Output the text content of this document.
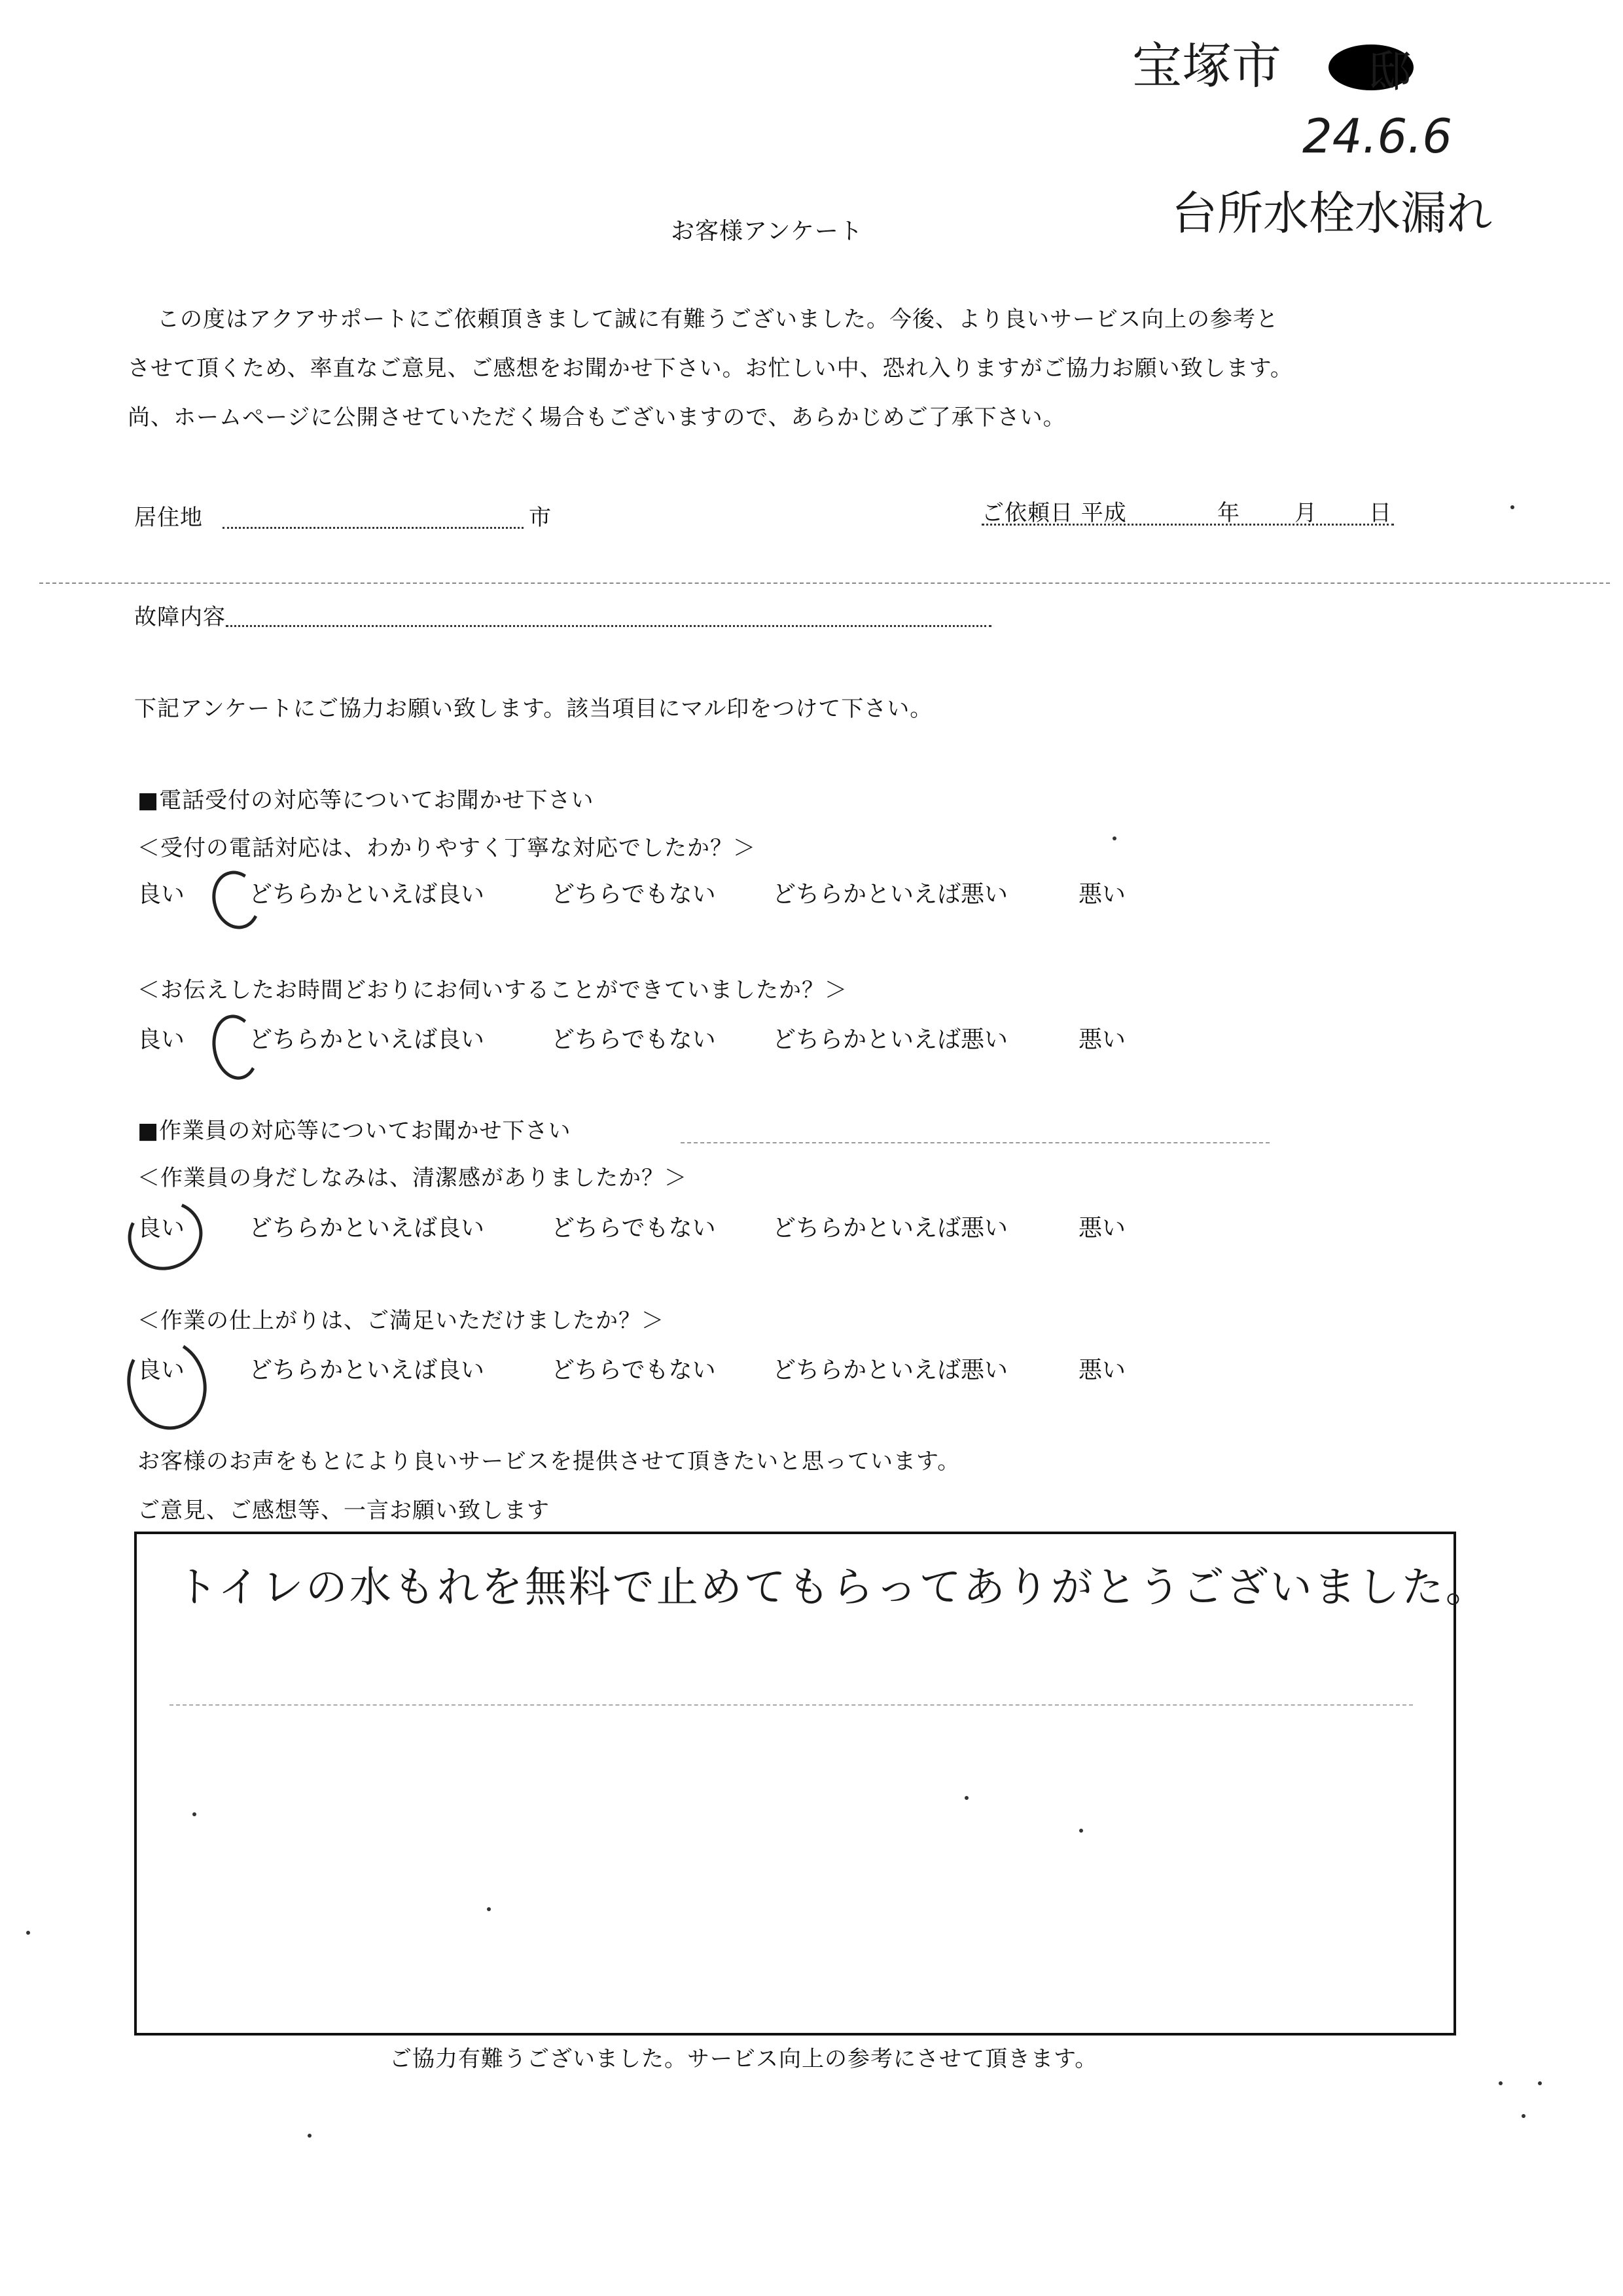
宝塚市 邸
24.6.6
台所水栓水漏れ
お客様アンケート
この度はアクアサポートにご依頼頂きまして誠に有難うございました。今後、より良いサービス向上の参考と
させて頂くため、率直なご意見、ご感想をお聞かせ下さい。お忙しい中、恐れ入りますがご協力お願い致します。
尚、ホームページに公開させていただく場合もございますので、あらかじめご了承下さい。
居住地	市	ご依頼日 平成	年 月 日
故障内容
下記アンケートにご協力お願い致します。該当項目にマル印をつけて下さい。
■電話受付の対応等についてお聞かせ下さい
＜受付の電話対応は、わかりやすく丁寧な対応でしたか？＞
良い	どちらかといえば良い	どちらでもない どちらかといえば悪い	悪い
＜お伝えしたお時間どおりにお伺いすることができていましたか？＞
良い	どちらかといえば良い	どちらでもない どちらかといえば悪い	悪い
■作業員の対応等についてお聞かせ下さい
＜作業員の身だしなみは、清潔感がありましたか？＞
良い	どちらかといえば良い	どちらでもない どちらかといえば悪い	悪い
＜作業の仕上がりは、ご満足いただけましたか？＞
良い	どちらかといえば良い	どちらでもない どちらかといえば悪い	悪い
お客様のお声をもとにより良いサービスを提供させて頂きたいと思っています。
ご意見、ご感想等、一言お願い致します
トイレの水もれを無料で止めてもらってありがとうございました。
ご協力有難うございました。サービス向上の参考にさせて頂きます。
